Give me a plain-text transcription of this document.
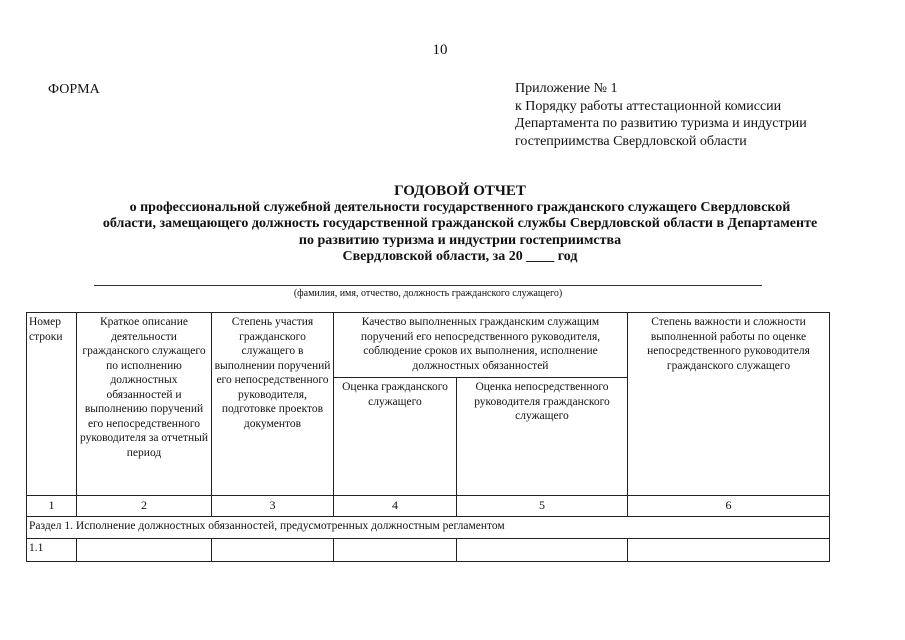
10
ФОРМА	Приложение № 1
к Порядку работы аттестационной комиссии
Департамента по развитию туризма и индустрии
гостеприимства Свердловской области
ГОДОВОЙ ОТЧЕТ
о профессиональной служебной деятельности государственного гражданского служащего Свердловской
области, замещающего должность государственной гражданской службы Свердловской области в Департаменте
по развитию туризма и индустрии гостеприимства
Свердловской области, за 20 ____ год
(фамилия, имя, отчество, должность гражданского служащего)
Номер строки	Краткое описание деятельности гражданского служащего по исполнению должностных обязанностей и выполнению поручений его непосредственного руководителя за отчетный период	Степень участия гражданского служащего в выполнении поручений его непосредственного руководителя, подготовке проектов документов	Качество выполненных гражданским служащим поручений его непосредственного руководителя, соблюдение сроков их выполнения, исполнение должностных обязанностей		Степень важности и сложности выполненной работы по оценке непосредственного руководителя гражданского служащего
			Оценка гражданского служащего	Оценка непосредственного руководителя гражданского служащего	
1	2	3	4	5	6
Раздел 1. Исполнение должностных обязанностей, предусмотренных должностным регламентом					
1.1					
